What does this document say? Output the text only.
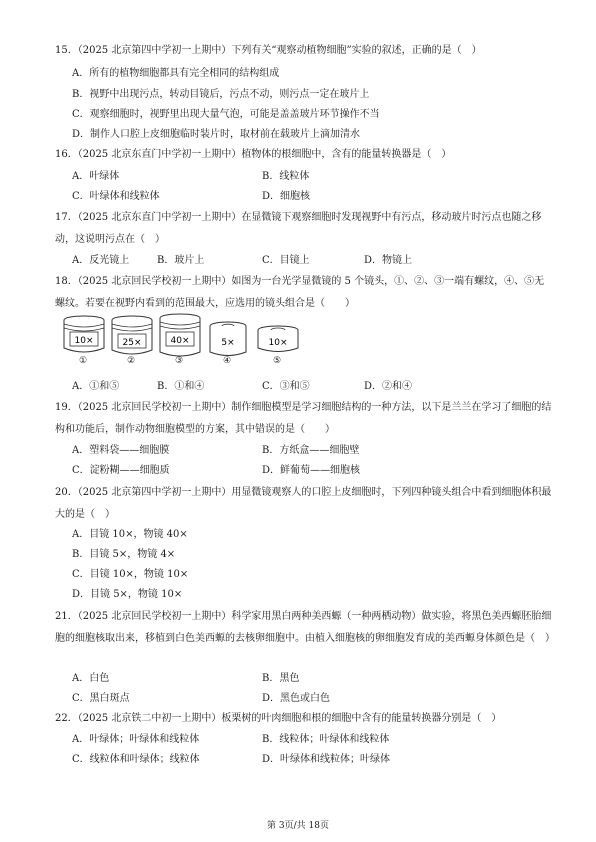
15．（2025 北京第四中学初一上期中）下列有关“观察动植物细胞”实验的叙述，正确的是（　）
A．所有的植物细胞都具有完全相同的结构组成
B．视野中出现污点，转动目镜后，污点不动，则污点一定在玻片上
C．观察细胞时，视野里出现大量气泡，可能是盖盖玻片环节操作不当
D．制作人口腔上皮细胞临时装片时，取材前在载玻片上滴加清水
16．（2025 北京东直门中学初一上期中）植物体的根细胞中，含有的能量转换器是（　）
A．叶绿体	B．线粒体
C．叶绿体和线粒体	D．细胞核
17．（2025 北京东直门中学初一上期中）在显微镜下观察细胞时发现视野中有污点，移动玻片时污点也随之移动，这说明污点在（　）
A．反光镜上	B．玻片上	C．目镜上	D．物镜上
18．（2025 北京回民学校初一上期中）如图为一台光学显微镜的 5 个镜头，①、②、③一端有螺纹，④、⑤无螺纹。若要在视野内看到的范围最大，应选用的镜头组合是（　　）
10×	25×	40×	5×	10×
①	②	③	④	⑤
A．①和⑤	B．①和④	C．③和⑤	D．②和④
19．（2025 北京回民学校初一上期中）制作细胞模型是学习细胞结构的一种方法，以下是兰兰在学习了细胞的结构和功能后，制作动物细胞模型的方案，其中错误的是（　　）
A．塑料袋——细胞膜	B．方纸盒——细胞壁
C．淀粉糊——细胞质	D．鲜葡萄——细胞核
20．（2025 北京第四中学初一上期中）用显微镜观察人的口腔上皮细胞时，下列四种镜头组合中看到细胞体积最大的是（　）
A．目镜 10×，物镜 40×
B．目镜 5×，物镜 4×
C．目镜 10×，物镜 10×
D．目镜 5×，物镜 10×
21．（2025 北京回民学校初一上期中）科学家用黑白两种美西螈（一种两栖动物）做实验，将黑色美西螈胚胎细胞的细胞核取出来，移植到白色美西螈的去核卵细胞中。由植入细胞核的卵细胞发育成的美西螈身体颜色是（　）
A．白色	B．黑色
C．黑白斑点	D．黑色或白色
22．（2025 北京铁二中初一上期中）板栗树的叶肉细胞和根的细胞中含有的能量转换器分别是（　）
A．叶绿体；叶绿体和线粒体	B．线粒体；叶绿体和线粒体
C．线粒体和叶绿体；线粒体	D．叶绿体和线粒体；叶绿体
第 3页/共 18页
